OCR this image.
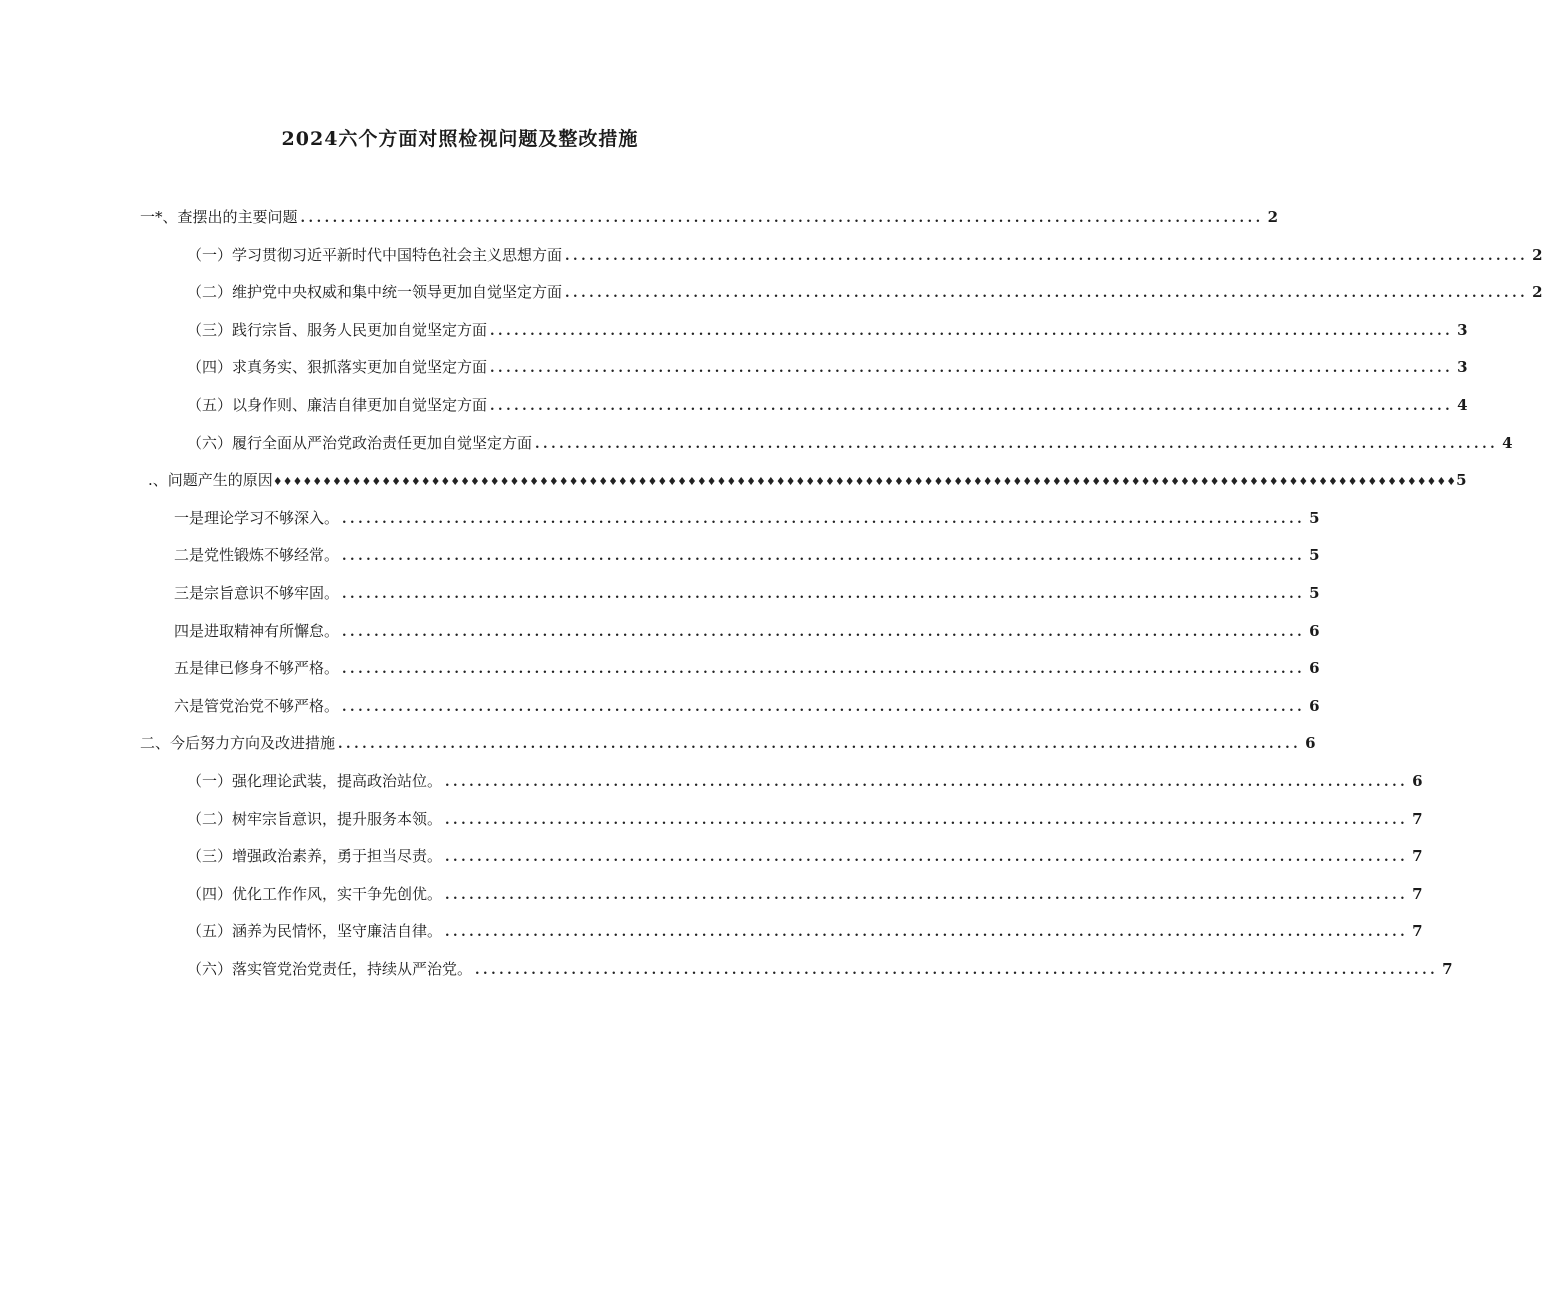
2024六个方面对照检视问题及整改措施
一*、查摆出的主要问题 ........................................................................................................................ 2
（一）学习贯彻习近平新时代中国特色社会主义思想方面 ........................................................................................................................ 2
（二）维护党中央权威和集中统一领导更加自觉坚定方面 ........................................................................................................................ 2
（三）践行宗旨、服务人民更加自觉坚定方面 ........................................................................................................................ 3
（四）求真务实、狠抓落实更加自觉坚定方面 ........................................................................................................................ 3
（五）以身作则、廉洁自律更加自觉坚定方面 ........................................................................................................................ 4
（六）履行全面从严治党政治责任更加自觉坚定方面 ........................................................................................................................ 4
.、问题产生的原因 ♦♦♦♦♦♦♦♦♦♦♦♦♦♦♦♦♦♦♦♦♦♦♦♦♦♦♦♦♦♦♦♦♦♦♦♦♦♦♦♦♦♦♦♦♦♦♦♦♦♦♦♦♦♦♦♦♦♦♦♦♦♦♦♦♦♦♦♦♦♦♦♦♦♦♦♦♦♦♦♦♦♦♦♦♦♦♦♦♦♦♦♦♦♦♦♦♦♦♦♦♦♦♦♦♦♦♦♦♦♦♦♦♦♦♦♦♦♦♦♦ 5
一是理论学习不够深入。 ........................................................................................................................ 5
二是党性锻炼不够经常。 ........................................................................................................................ 5
三是宗旨意识不够牢固。 ........................................................................................................................ 5
四是进取精神有所懈怠。 ........................................................................................................................ 6
五是律已修身不够严格。 ........................................................................................................................ 6
六是管党治党不够严格。 ........................................................................................................................ 6
二、今后努力方向及改进措施 ........................................................................................................................ 6
（一）强化理论武装，提高政治站位。 ........................................................................................................................ 6
（二）树牢宗旨意识，提升服务本领。 ........................................................................................................................ 7
（三）增强政治素养，勇于担当尽责。 ........................................................................................................................ 7
（四）优化工作作风，实干争先创优。 ........................................................................................................................ 7
（五）涵养为民情怀，坚守廉洁自律。 ........................................................................................................................ 7
（六）落实管党治党责任，持续从严治党。 ........................................................................................................................ 7
